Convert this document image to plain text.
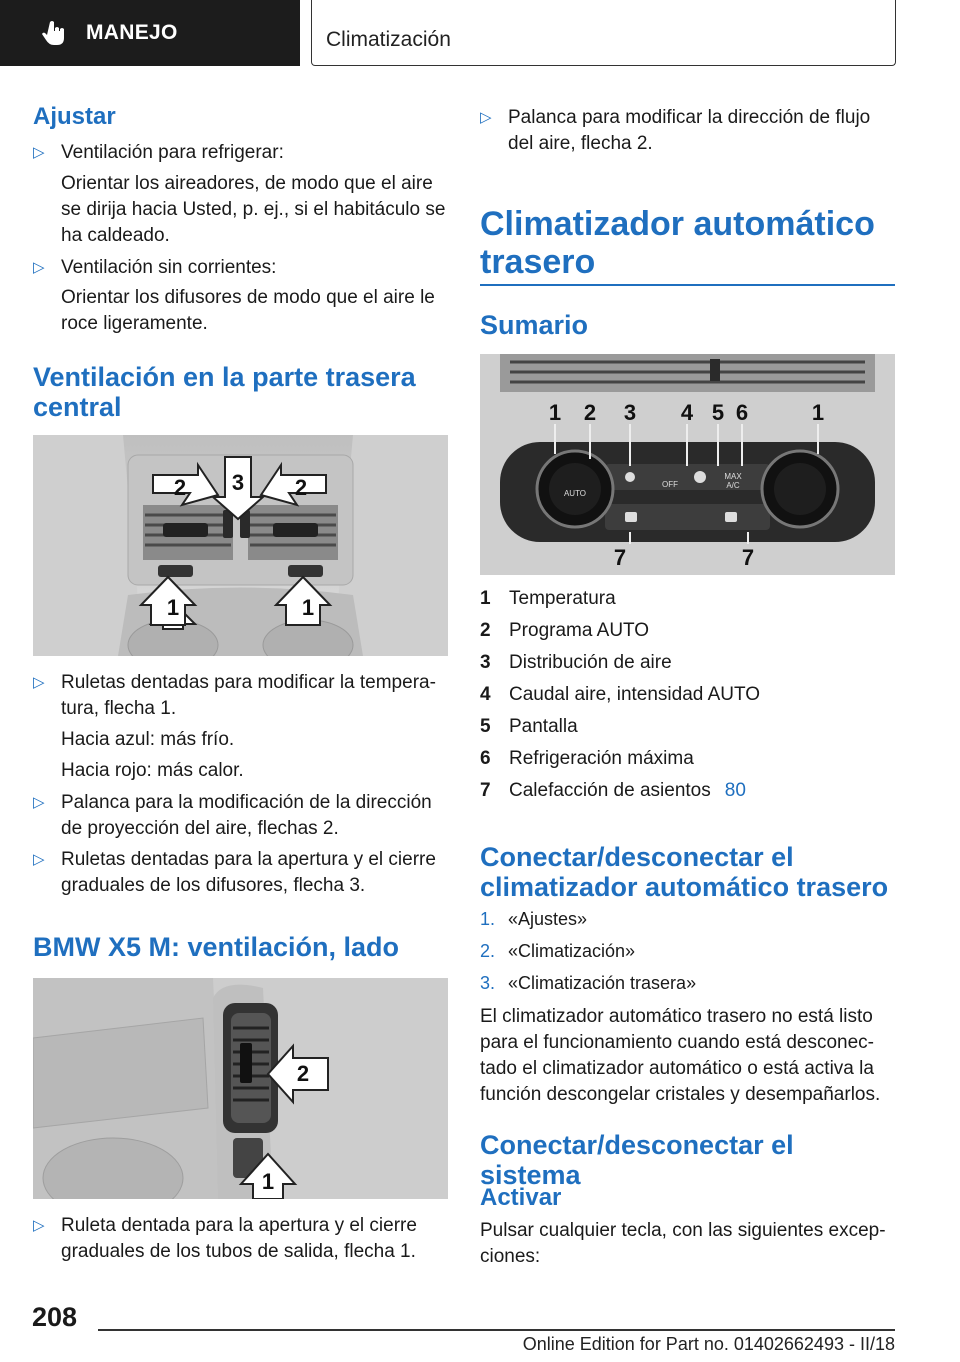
MANEJO	Climatización
Ajustar
▷ Ventilación para refrigerar:
Orientar los aireadores, de modo que el aire se dirija hacia Usted, p. ej., si el habitáculo se ha caldeado.
▷ Ventilación sin corrientes:
Orientar los difusores de modo que el aire le roce ligeramente.
Ventilación en la parte trasera central
1	1
2	2
3
▷ Ruletas dentadas para modificar la temperatura, flecha 1.
Hacia azul: más frío.
Hacia rojo: más calor.
▷ Palanca para la modificación de la dirección de proyección del aire, flechas 2.
▷ Ruletas dentadas para la apertura y el cierre graduales de los difusores, flecha 3.
BMW X5 M: ventilación, lado
2
1
▷ Ruleta dentada para la apertura y el cierre graduales de los tubos de salida, flecha 1.
▷ Palanca para modificar la dirección de flujo del aire, flecha 2.
Climatizador automático trasero
Sumario
AUTO
OFF
MAX
A/C
1 2 3 4 5 6	1
7	7
1 Temperatura
2 Programa AUTO
3 Distribución de aire
4 Caudal aire, intensidad AUTO
5 Pantalla
6 Refrigeración máxima
7 Calefacción de asientos 80
Conectar/desconectar el climatizador automático trasero
1. «Ajustes»
2. «Climatización»
3. «Climatización trasera»
El climatizador automático trasero no está listo para el funcionamiento cuando está desconectado el climatizador automático o está activa la función descongelar cristales y desempañarlos.
Conectar/desconectar el sistema
Activar
Pulsar cualquier tecla, con las siguientes excepciones:
208
Online Edition for Part no. 01402662493 - II/18
